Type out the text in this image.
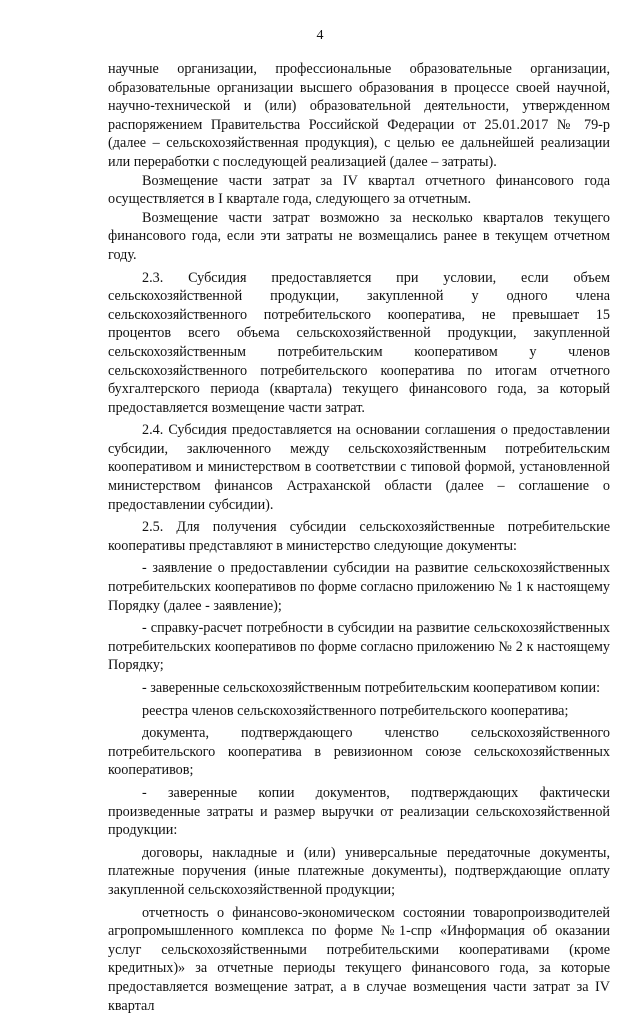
4

научные организации, профессиональные образовательные организации, образовательные организации высшего образования в процессе своей научной, научно-технической и (или) образовательной деятельности, утвержденном распоряжением Правительства Российской Федерации от 25.01.2017 № 79-р (далее – сельскохозяйственная продукция), с целью ее дальнейшей реализации или переработки с последующей реализацией (далее – затраты).

Возмещение части затрат за IV квартал отчетного финансового года осуществляется в I квартале года, следующего за отчетным.

Возмещение части затрат возможно за несколько кварталов текущего финансового года, если эти затраты не возмещались ранее в текущем отчетном году.

2.3. Субсидия предоставляется при условии, если объем сельскохозяйственной продукции, закупленной у одного члена сельскохозяйственного потребительского кооператива, не превышает 15 процентов всего объема сельскохозяйственной продукции, закупленной сельскохозяйственным потребительским кооперативом у членов сельскохозяйственного потребительского кооператива по итогам отчетного бухгалтерского периода (квартала) текущего финансового года, за который предоставляется возмещение части затрат.

2.4. Субсидия предоставляется на основании соглашения о предоставлении субсидии, заключенного между сельскохозяйственным потребительским кооперативом и министерством в соответствии с типовой формой, установленной министерством финансов Астраханской области (далее – соглашение о предоставлении субсидии).

2.5. Для получения субсидии сельскохозяйственные потребительские кооперативы представляют в министерство следующие документы:

- заявление о предоставлении субсидии на развитие сельскохозяйственных потребительских кооперативов по форме согласно приложению № 1 к настоящему Порядку (далее - заявление);

- справку-расчет потребности в субсидии на развитие сельскохозяйственных потребительских кооперативов по форме согласно приложению № 2 к настоящему Порядку;

- заверенные сельскохозяйственным потребительским кооперативом копии:

реестра членов сельскохозяйственного потребительского кооператива;

документа, подтверждающего членство сельскохозяйственного потребительского кооператива в ревизионном союзе сельскохозяйственных кооперативов;

- заверенные копии документов, подтверждающих фактически произведенные затраты и размер выручки от реализации сельскохозяйственной продукции:

договоры, накладные и (или) универсальные передаточные документы, платежные поручения (иные платежные документы), подтверждающие оплату закупленной сельскохозяйственной продукции;

отчетность о финансово-экономическом состоянии товаропроизводителей агропромышленного комплекса по форме №1-спр «Информация об оказании услуг сельскохозяйственными потребительскими кооперативами (кроме кредитных)» за отчетные периоды текущего финансового года, за которые предоставляется возмещение затрат, а в случае возмещения части затрат за IV квартал
